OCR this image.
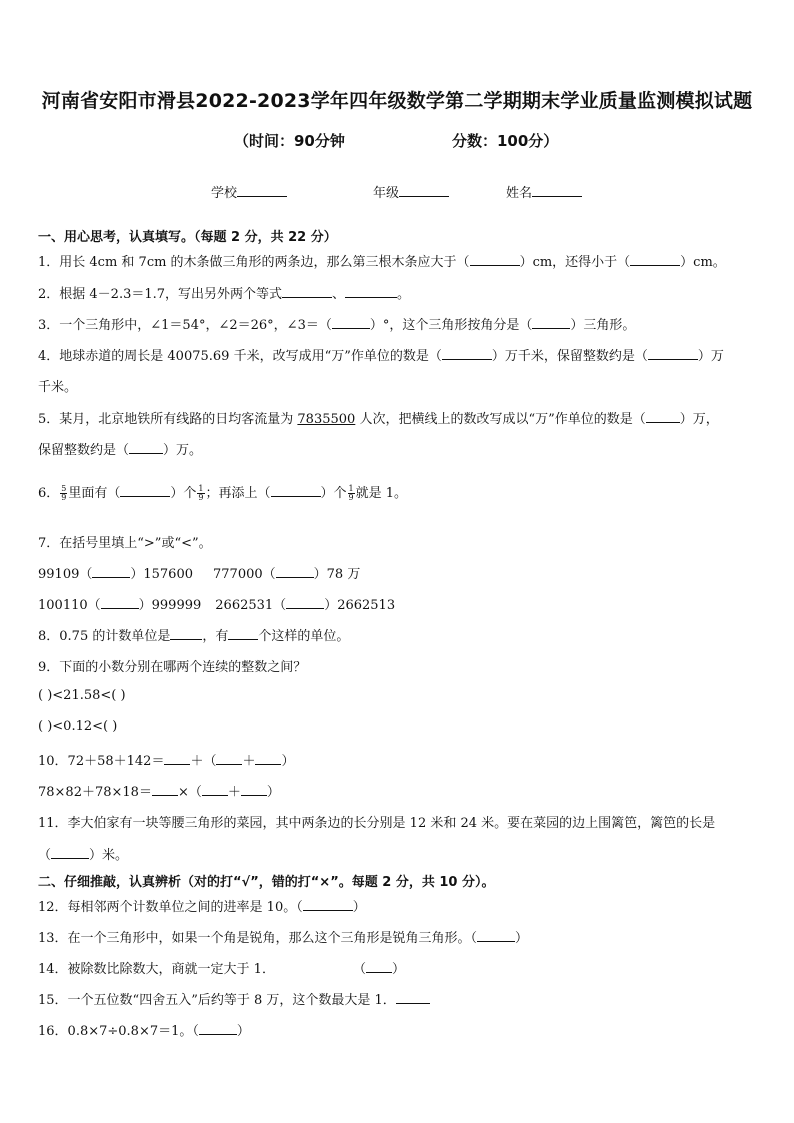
河南省安阳市滑县2022-2023学年四年级数学第二学期期末学业质量监测模拟试题
（时间：90分钟	分数：100分）
学校	年级	姓名
一、用心思考，认真填写。（每题 2 分，共 22 分）
1．用长 4cm 和 7cm 的木条做三角形的两条边，那么第三根木条应大于（	）cm，还得小于（	）cm。
2．根据 4－2.3＝1.7，写出另外两个等式	、	。
3．一个三角形中，∠1＝54°，∠2＝26°，∠3＝（	）°，这个三角形按角分是（	）三角形。
4．地球赤道的周长是 40075.69 千米，改写成用“万”作单位的数是（	）万千米，保留整数约是（	）万
千米。
5．某月，北京地铁所有线路的日均客流量为 7835500 人次，把横线上的数改写成以“万”作单位的数是（	）万，
保留整数约是（	）万。
6． $\frac{5}{9}$ 里面有（	）个 $\frac{1}{9}$ ；再添上（	）个 $\frac{1}{9}$ 就是 1。
7．在括号里填上“>”或“<”。
99109（	）157600 777000（	）78 万
100110（	）999999 2662531（	）2662513
8．0.75 的计数单位是 ，有 个这样的单位。
9．下面的小数分别在哪两个连续的整数之间？
( )<21.58<( )
( )<0.12<( )
10．72＋58＋142＝ ＋（ ＋ ）
78×82＋78×18＝ ×（ ＋ ）
11．李大伯家有一块等腰三角形的菜园，其中两条边的长分别是 12 米和 24 米。要在菜园的边上围篱笆，篱笆的长是
（	）米。
二、仔细推敲，认真辨析（对的打“√”，错的打“×”。每题 2 分，共 10 分）。
12．每相邻两个计数单位之间的进率是 10。（	）
13．在一个三角形中，如果一个角是锐角，那么这个三角形是锐角三角形。（	）
14．被除数比除数大，商就一定大于 1．	（ ）
15．一个五位数“四舍五入”后约等于 8 万，这个数最大是 1．
16．0.8×7÷0.8×7＝1。（	）
